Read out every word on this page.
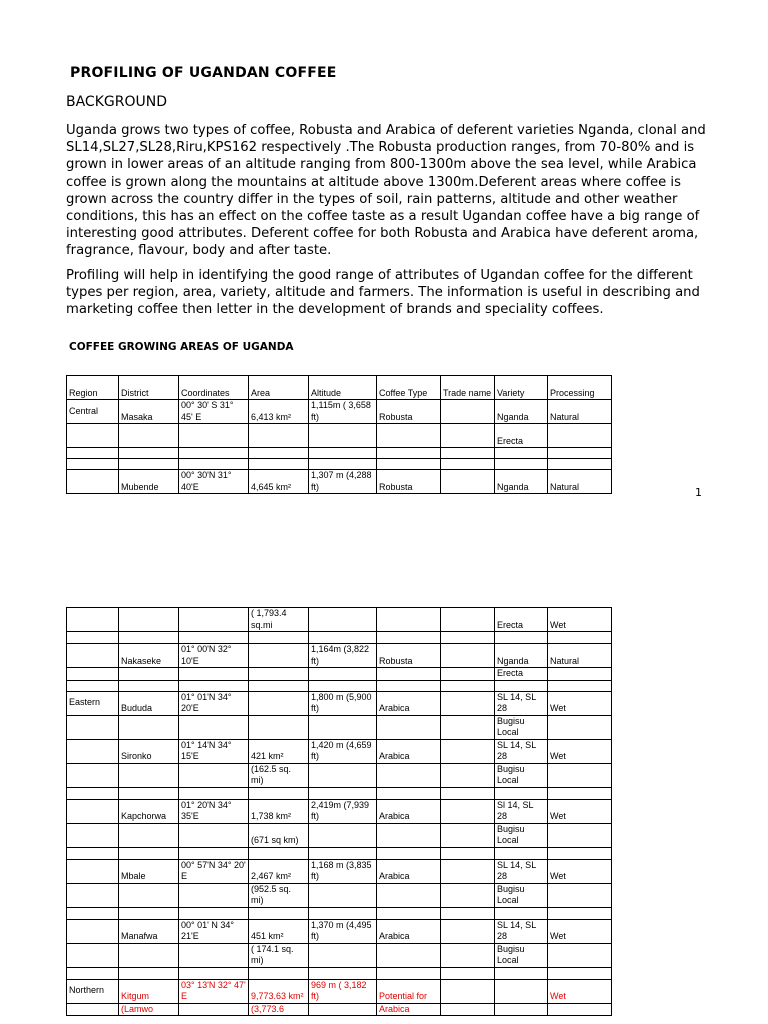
PROFILING OF UGANDAN COFFEE
BACKGROUND
Uganda grows two types of coffee, Robusta and Arabica of deferent varieties Nganda, clonal and SL14,SL27,SL28,Riru,KPS162 respectively .The Robusta production ranges, from 70-80% and is grown in lower areas of an altitude ranging from 800-1300m above the sea level, while Arabica coffee is grown along the mountains at altitude above 1300m.Deferent areas where coffee is grown across the country differ in the types of soil, rain patterns, altitude and other weather conditions, this has an effect on the coffee taste as a result Ugandan coffee have a big range of interesting good attributes. Deferent coffee for both Robusta and Arabica have deferent aroma, fragrance, flavour, body and after taste.
Profiling will help in identifying the good range of attributes of Ugandan coffee for the different types per region, area, variety, altitude and farmers. The information is useful in describing and marketing coffee then letter in the development of brands and speciality coffees.
COFFEE GROWING AREAS OF UGANDA
Region	District	Coordinates	Area	Altitude	Coffee Type	Trade name	Variety	Processing
Central	Masaka	00° 30' S 31° 45' E	6,413 km²	1,115m ( 3,658 ft)	Robusta		Nganda	Natural
							Erecta	

	Mubende	00° 30'N 31° 40'E	4,645 km²	1,307 m (4,288 ft)	Robusta		Nganda	Natural	1
			( 1,793.4 sq.mi				Erecta	Wet

	Nakaseke	01° 00'N 32° 10'E		1,164m (3,822 ft)	Robusta		Nganda	Natural
							Erecta	

Eastern	Bududa	01° 01'N 34° 20'E		1,800 m (5,900 ft)	Arabica		SL 14, SL 28	Wet
							Bugisu Local	
	Sironko	01° 14'N 34° 15'E	421 km²	1,420 m (4,659 ft)	Arabica		SL 14, SL 28	Wet
			(162.5 sq. mi)				Bugisu Local	

	Kapchorwa	01° 20'N 34° 35'E	1,738 km²	2,419m (7,939 ft)	Arabica		Sl 14, SL 28	Wet
			(671 sq km)				Bugisu Local	

	Mbale	00° 57'N 34° 20' E	2,467 km²	1,168 m (3,835 ft)	Arabica		SL 14, SL 28	Wet
			(952.5 sq. mi)				Bugisu Local	

	Manafwa	00° 01' N 34° 21'E	451 km²	1,370 m (4,495 ft)	Arabica		SL 14, SL 28	Wet
			( 174.1 sq. mi)				Bugisu Local	

Northern	Kitgum	03° 13'N 32° 47' E	9,773.63 km²	969 m ( 3,182 ft)	Potential for			Wet
	(Lamwo		(3,773.6		Arabica			
